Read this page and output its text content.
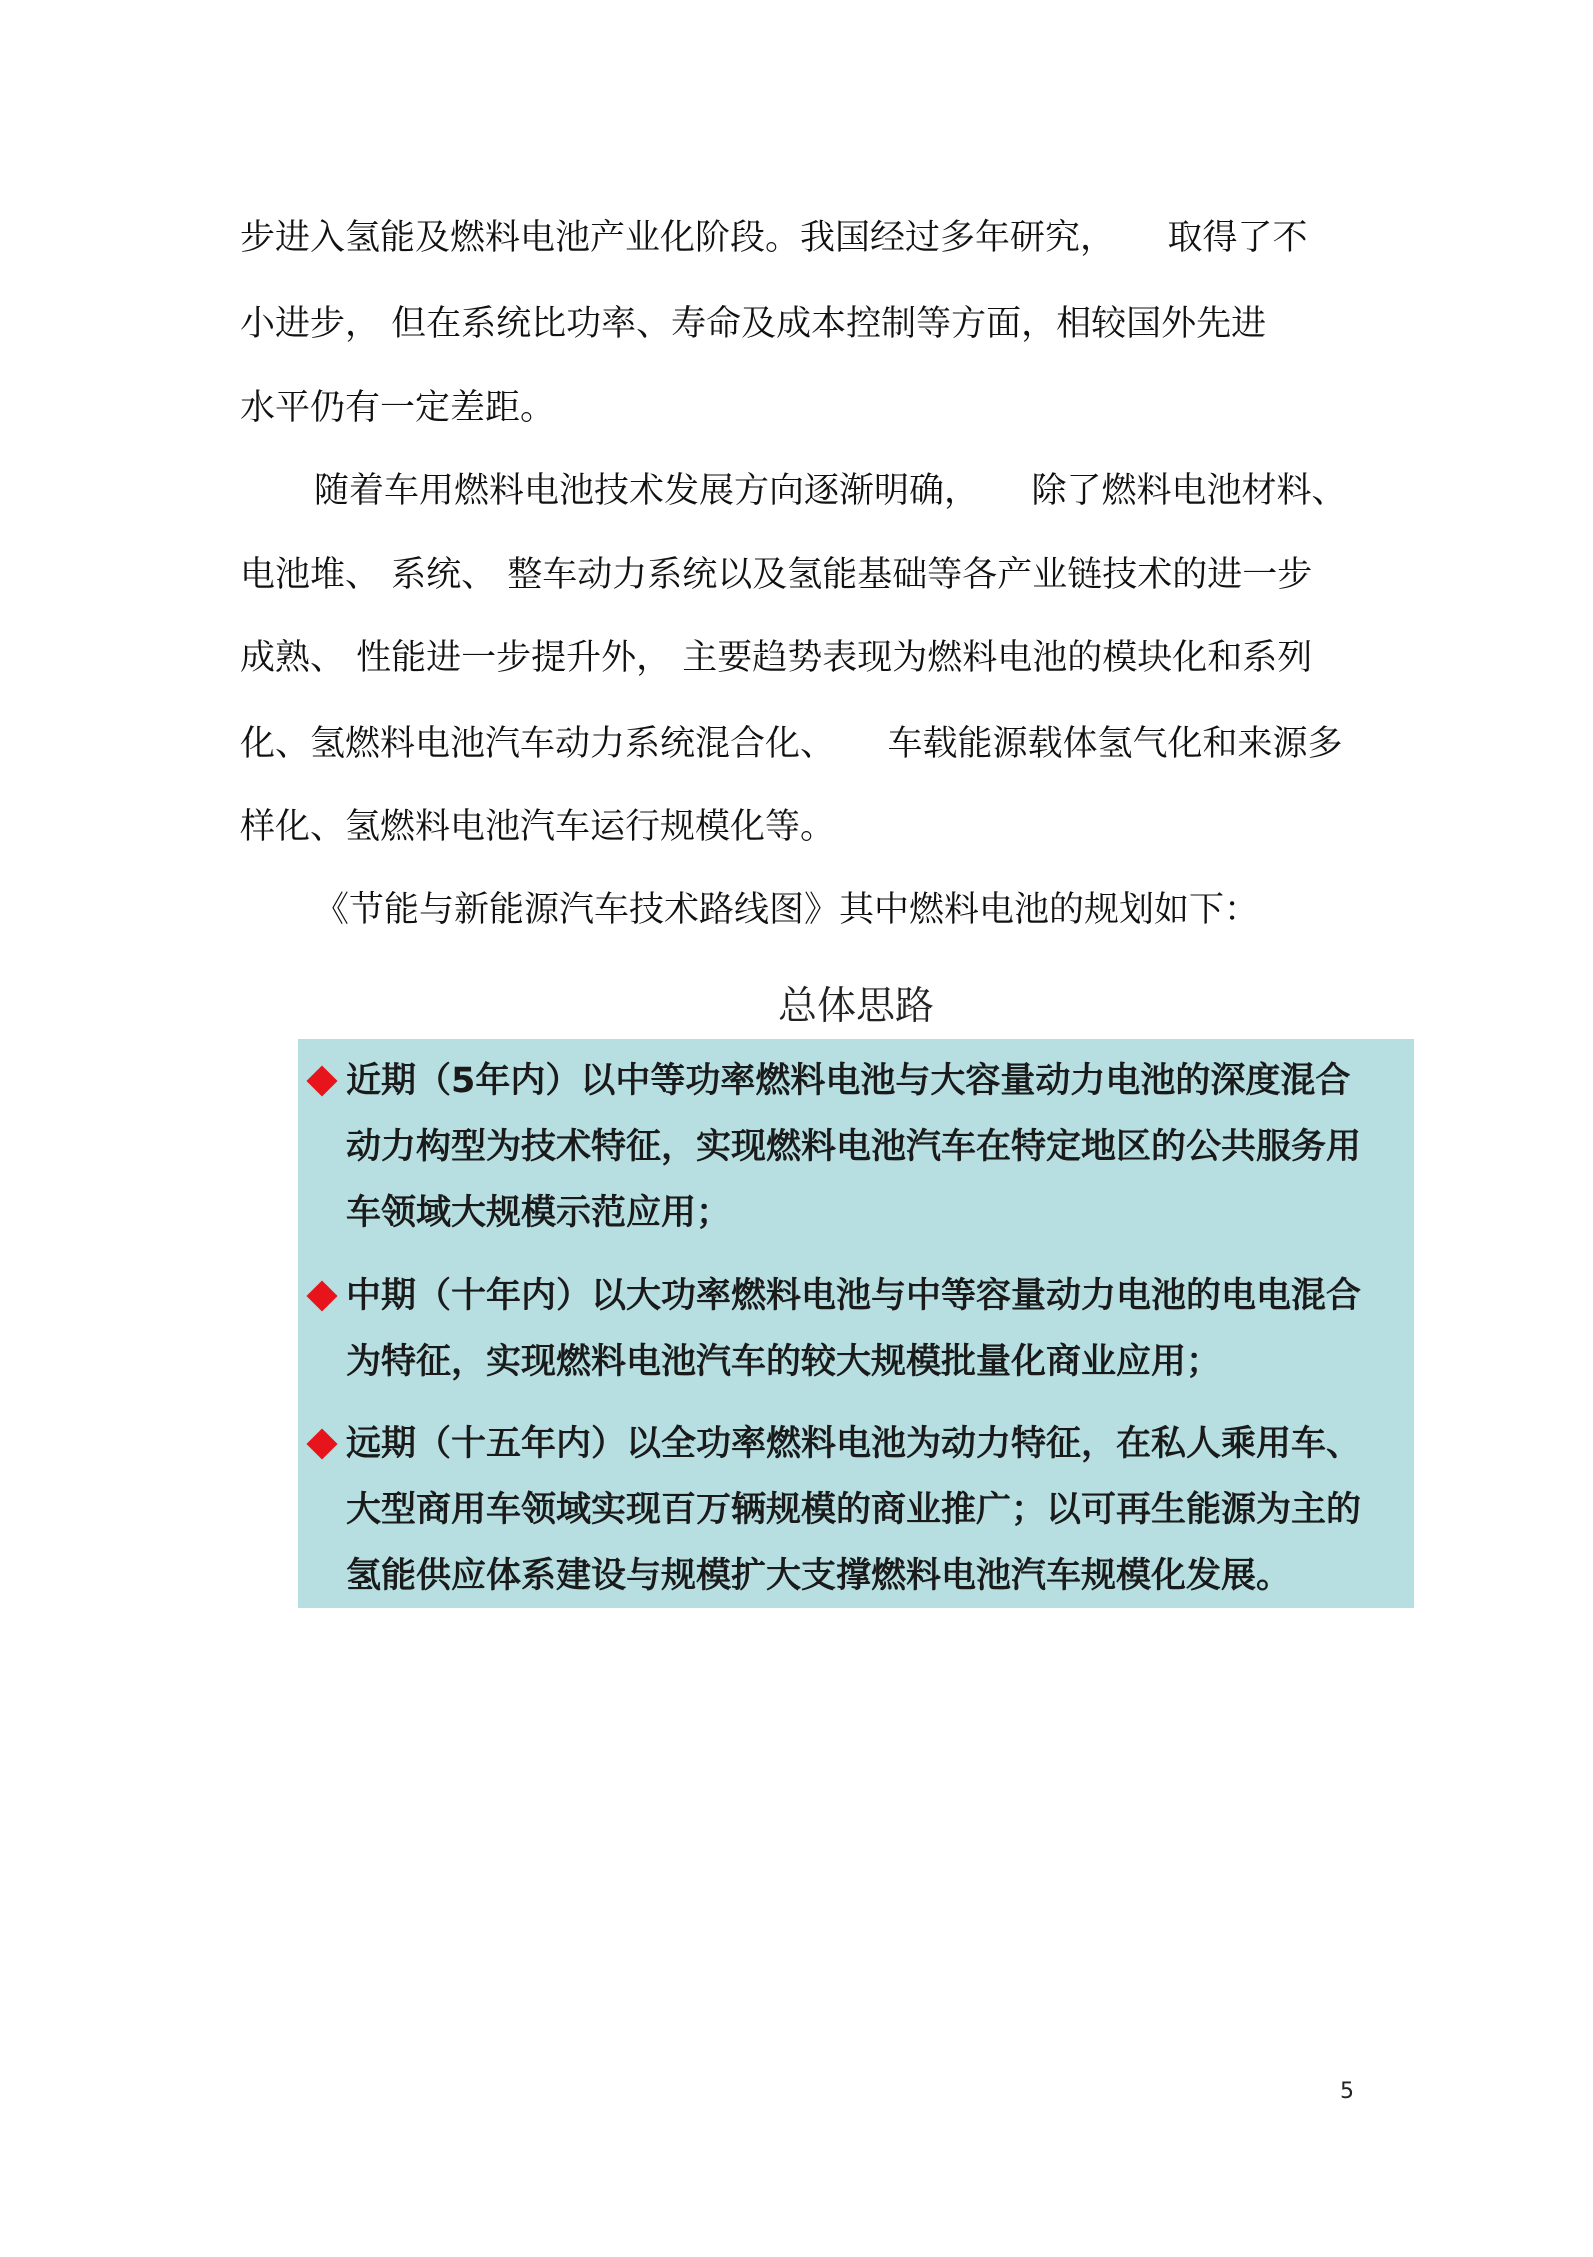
步进入氢能及燃料电池产业化阶段。我国经过多年研究，　　取得了不
小进步， 但在系统比功率、寿命及成本控制等方面，相较国外先进
水平仍有一定差距。
随着车用燃料电池技术发展方向逐渐明确，　　除了燃料电池材料、
电池堆、 系统、 整车动力系统以及氢能基础等各产业链技术的进一步
成熟、 性能进一步提升外， 主要趋势表现为燃料电池的模块化和系列
化、氢燃料电池汽车动力系统混合化、　　车载能源载体氢气化和来源多
样化、氢燃料电池汽车运行规模化等。
《节能与新能源汽车技术路线图》其中燃料电池的规划如下：
总体思路
近期（5年内）以中等功率燃料电池与大容量动力电池的深度混合
动力构型为技术特征，实现燃料电池汽车在特定地区的公共服务用
车领域大规模示范应用；
中期（十年内）以大功率燃料电池与中等容量动力电池的电电混合
为特征，实现燃料电池汽车的较大规模批量化商业应用；
远期（十五年内）以全功率燃料电池为动力特征，在私人乘用车、
大型商用车领域实现百万辆规模的商业推广；以可再生能源为主的
氢能供应体系建设与规模扩大支撑燃料电池汽车规模化发展。
5
